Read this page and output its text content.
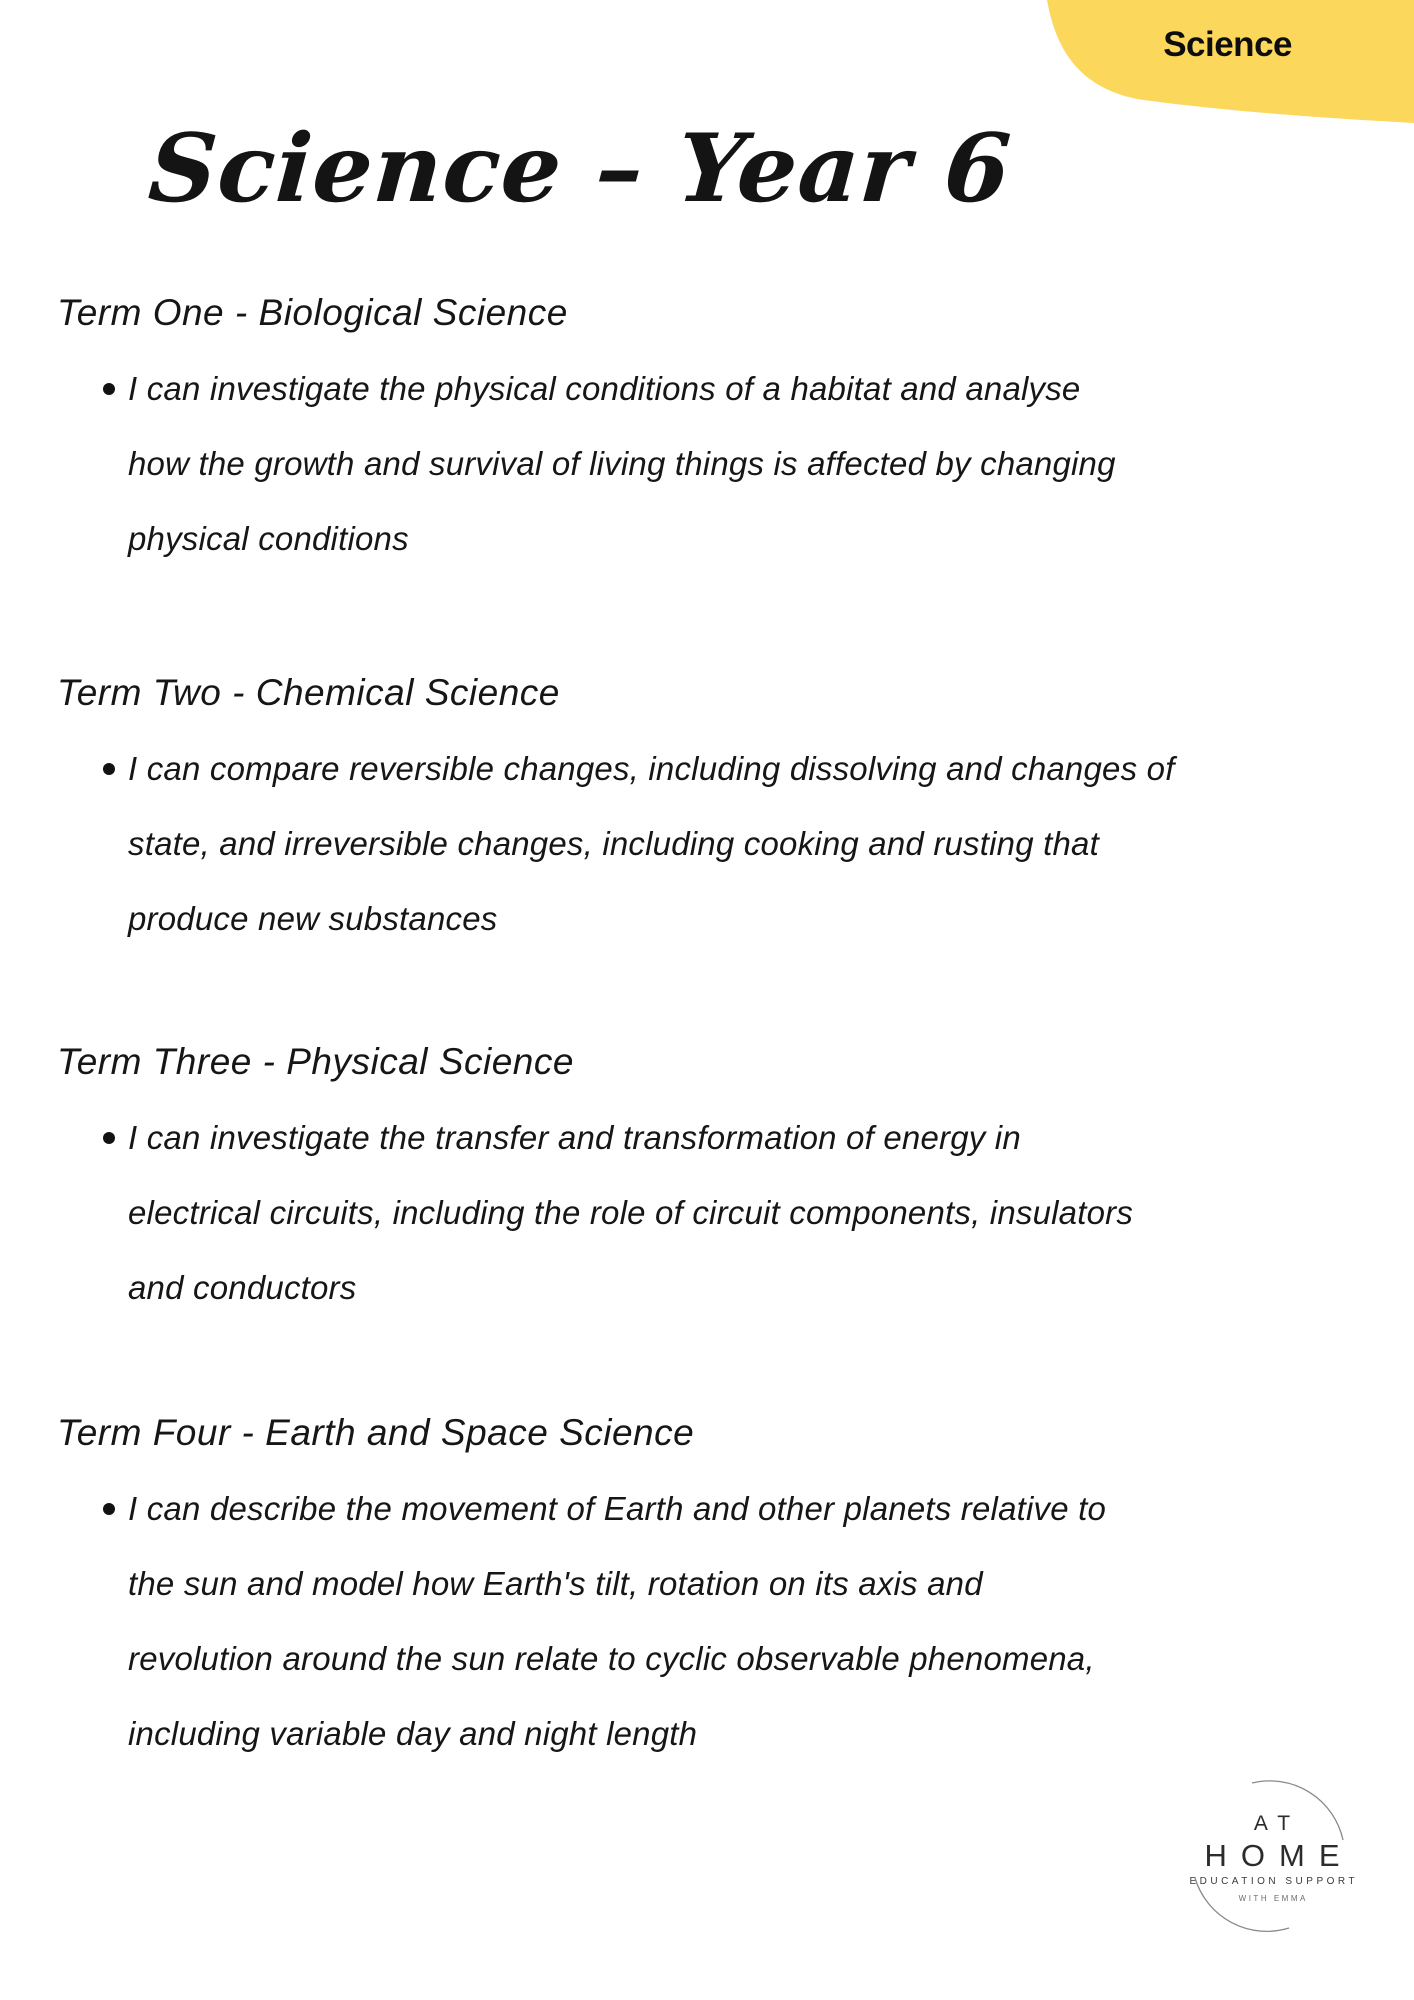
Science
Science – Year 6
Term One - Biological Science
I can investigate the physical conditions of a habitat and analyse
how the growth and survival of living things is affected by changing
physical conditions
Term Two - Chemical Science
I can compare reversible changes, including dissolving and changes of
state, and irreversible changes, including cooking and rusting that
produce new substances
Term Three - Physical Science
I can investigate the transfer and transformation of energy in
electrical circuits, including the role of circuit components, insulators
and conductors
Term Four - Earth and Space Science
I can describe the movement of Earth and other planets relative to
the sun and model how Earth's tilt, rotation on its axis and
revolution around the sun relate to cyclic observable phenomena,
including variable day and night length
AT
HOME
EDUCATION SUPPORT
WITH EMMA
